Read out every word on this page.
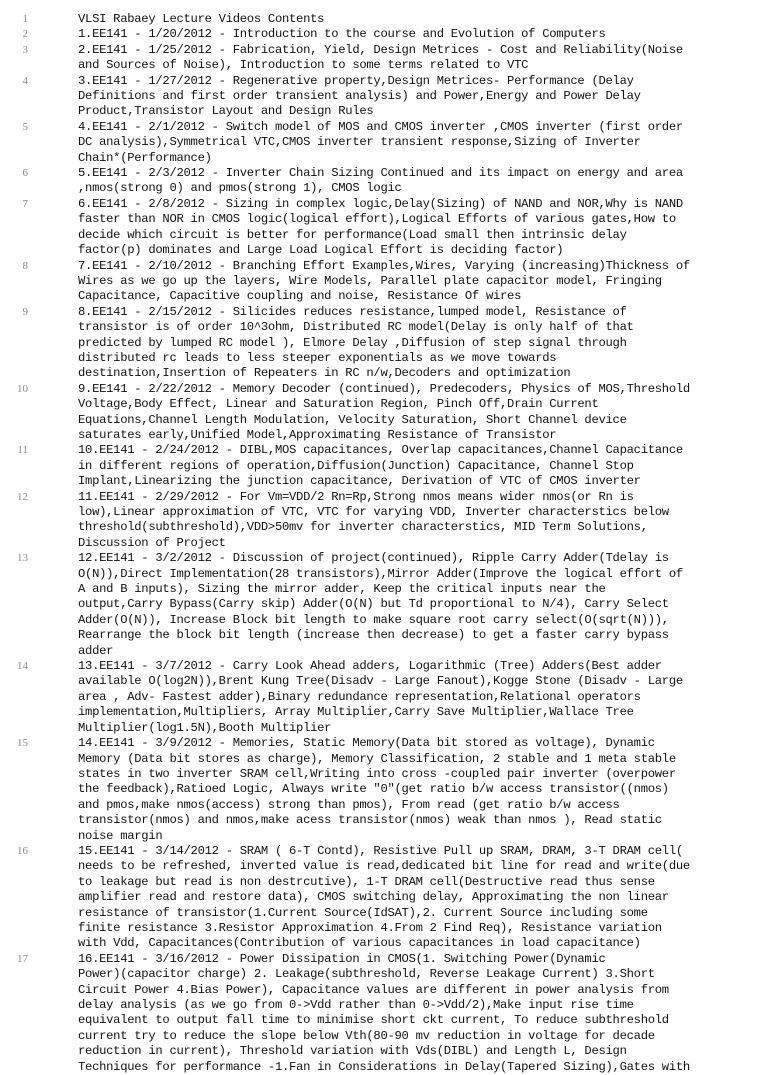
1	VLSI Rabaey Lecture Videos Contents
2	1.EE141 - 1/20/2012 - Introduction to the course and Evolution of Computers
3	2.EE141 - 1/25/2012 - Fabrication, Yield, Design Metrices - Cost and Reliability(Noise
and Sources of Noise), Introduction to some terms related to VTC
4	3.EE141 - 1/27/2012 - Regenerative property,Design Metrices- Performance (Delay
Definitions and first order transient analysis) and Power,Energy and Power Delay
Product,Transistor Layout and Design Rules
5	4.EE141 - 2/1/2012 - Switch model of MOS and CMOS inverter ,CMOS inverter (first order
DC analysis),Symmetrical VTC,CMOS inverter transient response,Sizing of Inverter
Chain*(Performance)
6	5.EE141 - 2/3/2012 - Inverter Chain Sizing Continued and its impact on energy and area
,nmos(strong 0) and pmos(strong 1), CMOS logic
7	6.EE141 - 2/8/2012 - Sizing in complex logic,Delay(Sizing) of NAND and NOR,Why is NAND
faster than NOR in CMOS logic(logical effort),Logical Efforts of various gates,How to
decide which circuit is better for performance(Load small then intrinsic delay
factor(p) dominates and Large Load Logical Effort is deciding factor)
8	7.EE141 - 2/10/2012 - Branching Effort Examples,Wires, Varying (increasing)Thickness of
Wires as we go up the layers, Wire Models, Parallel plate capacitor model, Fringing
Capacitance, Capacitive coupling and noise, Resistance Of wires
9	8.EE141 - 2/15/2012 - Silicides reduces resistance,lumped model, Resistance of
transistor is of order 10^3ohm, Distributed RC model(Delay is only half of that
predicted by lumped RC model ), Elmore Delay ,Diffusion of step signal through
distributed rc leads to less steeper exponentials as we move towards
destination,Insertion of Repeaters in RC n/w,Decoders and optimization
10	9.EE141 - 2/22/2012 - Memory Decoder (continued), Predecoders, Physics of MOS,Threshold
Voltage,Body Effect, Linear and Saturation Region, Pinch Off,Drain Current
Equations,Channel Length Modulation, Velocity Saturation, Short Channel device
saturates early,Unified Model,Approximating Resistance of Transistor
11	10.EE141 - 2/24/2012 - DIBL,MOS capacitances, Overlap capacitances,Channel Capacitance
in different regions of operation,Diffusion(Junction) Capacitance, Channel Stop
Implant,Linearizing the junction capacitance, Derivation of VTC of CMOS inverter
12	11.EE141 - 2/29/2012 - For Vm=VDD/2 Rn=Rp,Strong nmos means wider nmos(or Rn is
low),Linear approximation of VTC, VTC for varying VDD, Inverter characterstics below
threshold(subthreshold),VDD>50mv for inverter characterstics, MID Term Solutions,
Discussion of Project
13	12.EE141 - 3/2/2012 - Discussion of project(continued), Ripple Carry Adder(Tdelay is
O(N)),Direct Implementation(28 transistors),Mirror Adder(Improve the logical effort of
A and B inputs), Sizing the mirror adder, Keep the critical inputs near the
output,Carry Bypass(Carry skip) Adder(O(N) but Td proportional to N/4), Carry Select
Adder(O(N)), Increase Block bit length to make square root carry select(O(sqrt(N))),
Rearrange the block bit length (increase then decrease) to get a faster carry bypass
adder
14	13.EE141 - 3/7/2012 - Carry Look Ahead adders, Logarithmic (Tree) Adders(Best adder
available O(log2N)),Brent Kung Tree(Disadv - Large Fanout),Kogge Stone (Disadv - Large
area , Adv- Fastest adder),Binary redundance representation,Relational operators
implementation,Multipliers, Array Multiplier,Carry Save Multiplier,Wallace Tree
Multiplier(log1.5N),Booth Multiplier
15	14.EE141 - 3/9/2012 - Memories, Static Memory(Data bit stored as voltage), Dynamic
Memory (Data bit stores as charge), Memory Classification, 2 stable and 1 meta stable
states in two inverter SRAM cell,Writing into cross -coupled pair inverter (overpower
the feedback),Ratioed Logic, Always write "0"(get ratio b/w access transistor((nmos)
and pmos,make nmos(access) strong than pmos), From read (get ratio b/w access
transistor(nmos) and nmos,make acess transistor(nmos) weak than nmos ), Read static
noise margin
16	15.EE141 - 3/14/2012 - SRAM ( 6-T Contd), Resistive Pull up SRAM, DRAM, 3-T DRAM cell(
needs to be refreshed, inverted value is read,dedicated bit line for read and write(due
to leakage but read is non destrcutive), 1-T DRAM cell(Destructive read thus sense
amplifier read and restore data), CMOS switching delay, Approximating the non linear
resistance of transistor(1.Current Source(IdSAT),2. Current Source including some
finite resistance 3.Resistor Approximation 4.From 2 Find Req), Resistance variation
with Vdd, Capacitances(Contribution of various capacitances in load capacitance)
17	16.EE141 - 3/16/2012 - Power Dissipation in CMOS(1. Switching Power(Dynamic
Power)(capacitor charge) 2. Leakage(subthreshold, Reverse Leakage Current) 3.Short
Circuit Power 4.Bias Power), Capacitance values are different in power analysis from
delay analysis (as we go from 0->Vdd rather than 0->Vdd/2),Make input rise time
equivalent to output fall time to minimise short ckt current, To reduce subthreshold
current try to reduce the slope below Vth(80-90 mv reduction in voltage for decade
reduction in current), Threshold variation with Vds(DIBL) and Length L, Design
Techniques for performance -1.Fan in Considerations in Delay(Tapered Sizing),Gates with
